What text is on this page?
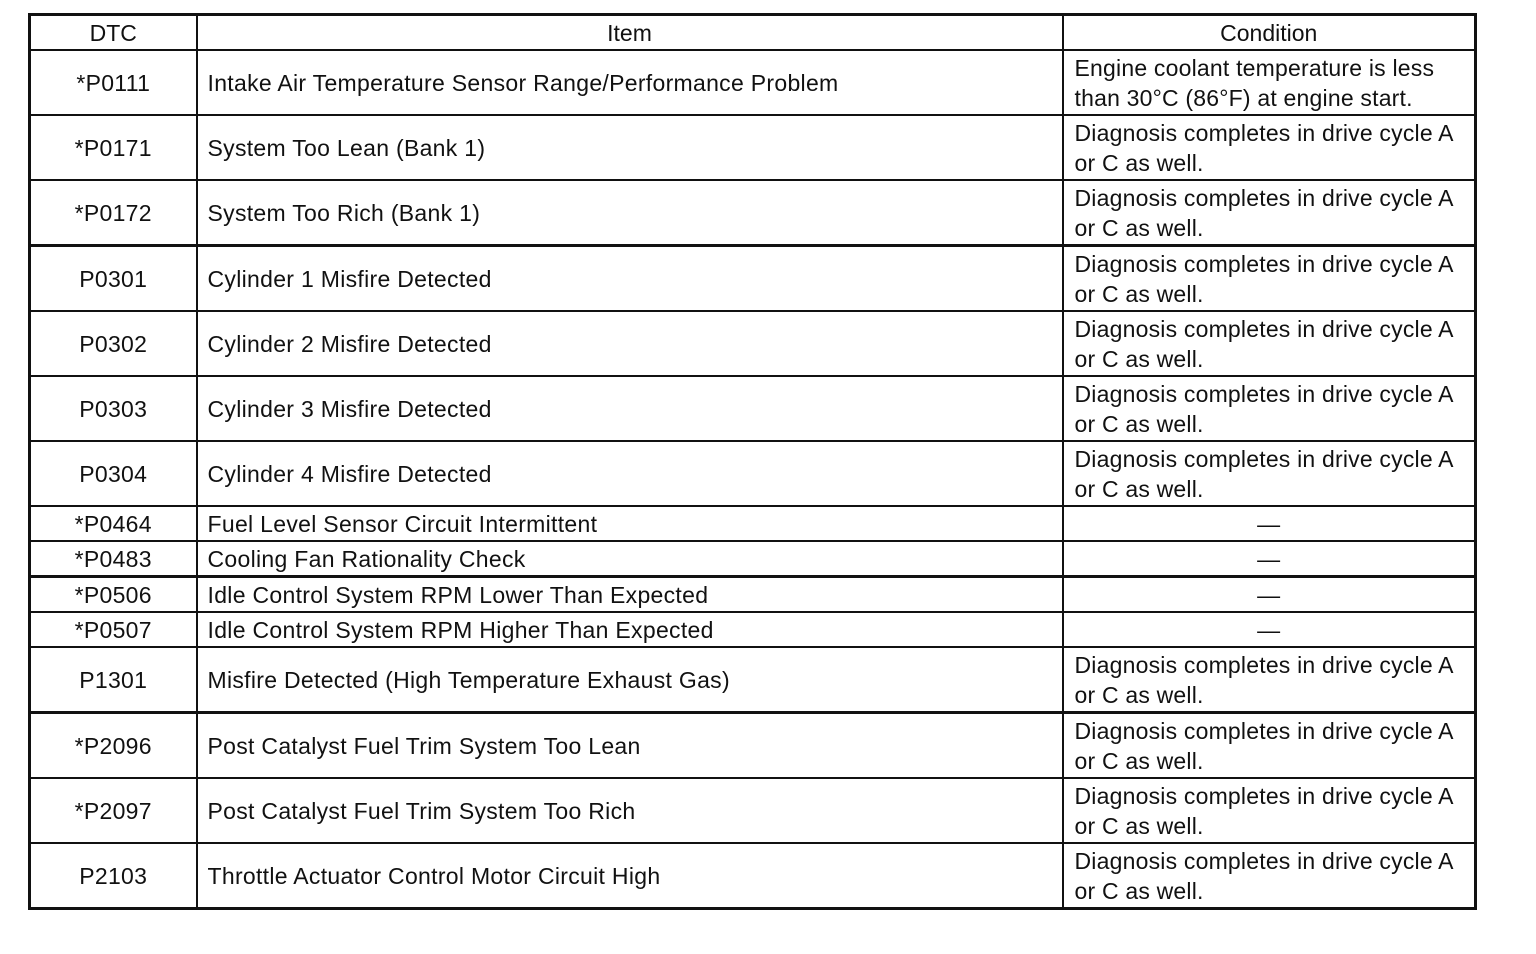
DTC	Item	Condition
*P0111	Intake Air Temperature Sensor Range/Performance Problem	Engine coolant temperature is less than 30°C (86°F) at engine start.
*P0171	System Too Lean (Bank 1)	Diagnosis completes in drive cycle A or C as well.
*P0172	System Too Rich (Bank 1)	Diagnosis completes in drive cycle A or C as well.
P0301	Cylinder 1 Misfire Detected	Diagnosis completes in drive cycle A or C as well.
P0302	Cylinder 2 Misfire Detected	Diagnosis completes in drive cycle A or C as well.
P0303	Cylinder 3 Misfire Detected	Diagnosis completes in drive cycle A or C as well.
P0304	Cylinder 4 Misfire Detected	Diagnosis completes in drive cycle A or C as well.
*P0464	Fuel Level Sensor Circuit Intermittent	—
*P0483	Cooling Fan Rationality Check	—
*P0506	Idle Control System RPM Lower Than Expected	—
*P0507	Idle Control System RPM Higher Than Expected	—
P1301	Misfire Detected (High Temperature Exhaust Gas)	Diagnosis completes in drive cycle A or C as well.
*P2096	Post Catalyst Fuel Trim System Too Lean	Diagnosis completes in drive cycle A or C as well.
*P2097	Post Catalyst Fuel Trim System Too Rich	Diagnosis completes in drive cycle A or C as well.
P2103	Throttle Actuator Control Motor Circuit High	Diagnosis completes in drive cycle A or C as well.
